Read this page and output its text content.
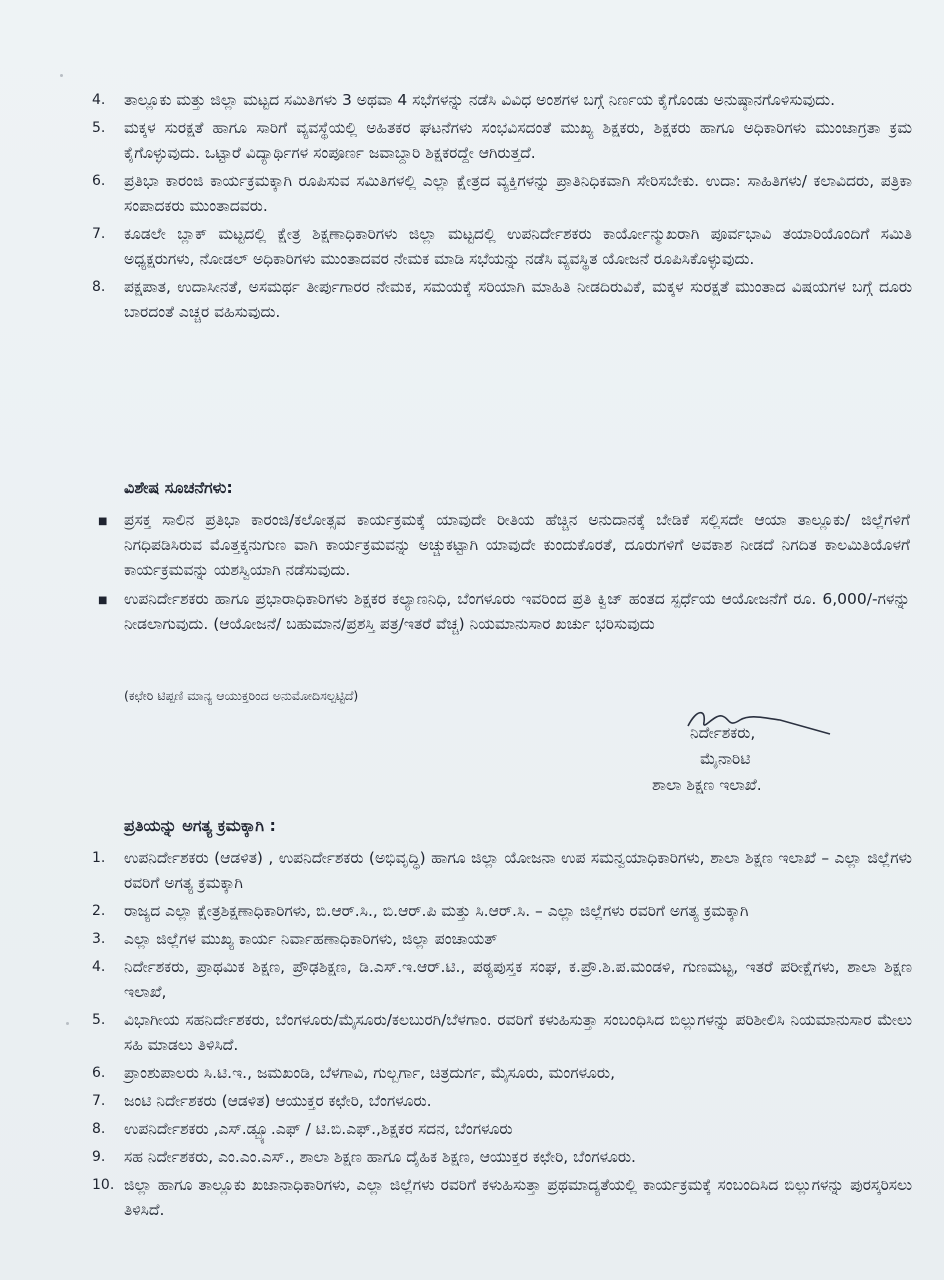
4.	ತಾಲ್ಲೂಕು ಮತ್ತು ಜಿಲ್ಲಾ ಮಟ್ಟದ ಸಮಿತಿಗಳು 3 ಅಥವಾ 4 ಸಭೆಗಳನ್ನು ನಡೆಸಿ ವಿವಿಧ ಅಂಶಗಳ ಬಗ್ಗೆ ನಿರ್ಣಯ ಕೈಗೊಂಡು ಅನುಷ್ಠಾನಗೊಳಿಸುವುದು.
5.	ಮಕ್ಕಳ ಸುರಕ್ಷತೆ ಹಾಗೂ ಸಾರಿಗೆ ವ್ಯವಸ್ಥೆಯಲ್ಲಿ ಅಹಿತಕರ ಘಟನೆಗಳು ಸಂಭವಿಸದಂತೆ ಮುಖ್ಯ ಶಿಕ್ಷಕರು, ಶಿಕ್ಷಕರು ಹಾಗೂ ಅಧಿಕಾರಿಗಳು ಮುಂಜಾಗ್ರತಾ ಕ್ರಮ ಕೈಗೊಳ್ಳುವುದು. ಒಟ್ಟಾರೆ ವಿದ್ಯಾರ್ಥಿಗಳ ಸಂಪೂರ್ಣ ಜವಾಬ್ದಾರಿ ಶಿಕ್ಷಕರದ್ದೇ ಆಗಿರುತ್ತದೆ.
6.	ಪ್ರತಿಭಾ ಕಾರಂಜಿ ಕಾರ್ಯಕ್ರಮಕ್ಕಾಗಿ ರೂಪಿಸುವ ಸಮಿತಿಗಳಲ್ಲಿ ಎಲ್ಲಾ ಕ್ಷೇತ್ರದ ವ್ಯಕ್ತಿಗಳನ್ನು ಪ್ರಾತಿನಿಧಿಕವಾಗಿ ಸೇರಿಸಬೇಕು. ಉದಾ: ಸಾಹಿತಿಗಳು/ ಕಲಾವಿದರು, ಪತ್ರಿಕಾ ಸಂಪಾದಕರು ಮುಂತಾದವರು.
7.	ಕೂಡಲೇ ಬ್ಲಾಕ್ ಮಟ್ಟದಲ್ಲಿ ಕ್ಷೇತ್ರ ಶಿಕ್ಷಣಾಧಿಕಾರಿಗಳು ಜಿಲ್ಲಾ ಮಟ್ಟದಲ್ಲಿ ಉಪನಿರ್ದೇಶಕರು ಕಾರ್ಯೋನ್ಮುಖರಾಗಿ ಪೂರ್ವಭಾವಿ ತಯಾರಿಯೊಂದಿಗೆ ಸಮಿತಿ ಅಧ್ಯಕ್ಷರುಗಳು, ನೋಡಲ್ ಅಧಿಕಾರಿಗಳು ಮುಂತಾದವರ ನೇಮಕ ಮಾಡಿ ಸಭೆಯನ್ನು ನಡೆಸಿ ವ್ಯವಸ್ಥಿತ ಯೋಜನೆ ರೂಪಿಸಿಕೊಳ್ಳುವುದು.
8.	ಪಕ್ಷಪಾತ, ಉದಾಸೀನತೆ, ಅಸಮರ್ಥ ತೀರ್ಪುಗಾರರ ನೇಮಕ, ಸಮಯಕ್ಕೆ ಸರಿಯಾಗಿ ಮಾಹಿತಿ ನೀಡದಿರುವಿಕೆ, ಮಕ್ಕಳ ಸುರಕ್ಷತೆ ಮುಂತಾದ ವಿಷಯಗಳ ಬಗ್ಗೆ ದೂರು ಬಾರದಂತೆ ಎಚ್ಚರ ವಹಿಸುವುದು.
ವಿಶೇಷ ಸೂಚನೆಗಳು:
■	ಪ್ರಸಕ್ತ ಸಾಲಿನ ಪ್ರತಿಭಾ ಕಾರಂಜಿ/ಕಲೋತ್ಸವ ಕಾರ್ಯಕ್ರಮಕ್ಕೆ ಯಾವುದೇ ರೀತಿಯ ಹೆಚ್ಚಿನ ಅನುದಾನಕ್ಕೆ ಬೇಡಿಕೆ ಸಲ್ಲಿಸದೇ ಆಯಾ ತಾಲ್ಲೂಕು/ ಜಿಲ್ಲೆಗಳಿಗೆ ನಿಗಧಿಪಡಿಸಿರುವ ಮೊತ್ತಕ್ಕನುಗುಣ ವಾಗಿ ಕಾರ್ಯಕ್ರಮವನ್ನು ಅಚ್ಚುಕಟ್ಟಾಗಿ ಯಾವುದೇ ಕುಂದುಕೊರತೆ, ದೂರುಗಳಿಗೆ ಅವಕಾಶ ನೀಡದೆ ನಿಗದಿತ ಕಾಲಮಿತಿಯೊಳಗೆ ಕಾರ್ಯಕ್ರಮವನ್ನು ಯಶಸ್ವಿಯಾಗಿ ನಡೆಸುವುದು.
■	ಉಪನಿರ್ದೇಶಕರು ಹಾಗೂ ಪ್ರಭಾರಾಧಿಕಾರಿಗಳು ಶಿಕ್ಷಕರ ಕಲ್ಯಾಣನಿಧಿ, ಬೆಂಗಳೂರು ಇವರಿಂದ ಪ್ರತಿ ಕ್ವಿಜ್ ಹಂತದ ಸ್ಪರ್ಧೆಯ ಆಯೋಜನೆಗೆ ರೂ. 6,000/-ಗಳನ್ನು ನೀಡಲಾಗುವುದು. (ಆಯೋಜನೆ/ ಬಹುಮಾನ/ಪ್ರಶಸ್ತಿ ಪತ್ರ/ಇತರೆ ವೆಚ್ಚ) ನಿಯಮಾನುಸಾರ ಖರ್ಚು ಭರಿಸುವುದು
(ಕಛೇರಿ ಟಿಪ್ಪಣಿ ಮಾನ್ಯ ಆಯುಕ್ತರಿಂದ ಅನುಮೋದಿಸಲ್ಪಟ್ಟಿದೆ)
ನಿರ್ದೇಶಕರು,
ಮೈನಾರಿಟಿ
ಶಾಲಾ ಶಿಕ್ಷಣ ಇಲಾಖೆ.
ಪ್ರತಿಯನ್ನು ಅಗತ್ಯ ಕ್ರಮಕ್ಕಾಗಿ :
1.	ಉಪನಿರ್ದೇಶಕರು (ಆಡಳಿತ) , ಉಪನಿರ್ದೇಶಕರು (ಅಭಿವೃದ್ಧಿ) ಹಾಗೂ ಜಿಲ್ಲಾ ಯೋಜನಾ ಉಪ ಸಮನ್ವಯಾಧಿಕಾರಿಗಳು, ಶಾಲಾ ಶಿಕ್ಷಣ ಇಲಾಖೆ – ಎಲ್ಲಾ ಜಿಲ್ಲೆಗಳು ರವರಿಗೆ ಅಗತ್ಯ ಕ್ರಮಕ್ಕಾಗಿ
2.	ರಾಜ್ಯದ ಎಲ್ಲಾ ಕ್ಷೇತ್ರಶಿಕ್ಷಣಾಧಿಕಾರಿಗಳು, ಬಿ.ಆರ್.ಸಿ., ಬಿ.ಆರ್.ಪಿ ಮತ್ತು ಸಿ.ಆರ್.ಸಿ. – ಎಲ್ಲಾ ಜಿಲ್ಲೆಗಳು ರವರಿಗೆ ಅಗತ್ಯ ಕ್ರಮಕ್ಕಾಗಿ
3.	ಎಲ್ಲಾ ಜಿಲ್ಲೆಗಳ ಮುಖ್ಯ ಕಾರ್ಯ ನಿರ್ವಾಹಣಾಧಿಕಾರಿಗಳು, ಜಿಲ್ಲಾ ಪಂಚಾಯತ್
4.	ನಿರ್ದೇಶಕರು, ಪ್ರಾಥಮಿಕ ಶಿಕ್ಷಣ, ಪ್ರೌಢಶಿಕ್ಷಣ, ಡಿ.ಎಸ್.ಇ.ಆರ್.ಟಿ., ಪಠ್ಯಪುಸ್ತಕ ಸಂಘ, ಕ.ಪ್ರೌ.ಶಿ.ಪ.ಮಂಡಳಿ, ಗುಣಮಟ್ಟ, ಇತರೆ ಪರೀಕ್ಷೆಗಳು, ಶಾಲಾ ಶಿಕ್ಷಣ ಇಲಾಖೆ,
5.	ವಿಭಾಗೀಯ ಸಹನಿರ್ದೇಶಕರು, ಬೆಂಗಳೂರು/ಮೈಸೂರು/ಕಲಬುರಗಿ/ಬೆಳಗಾಂ. ರವರಿಗೆ ಕಳುಹಿಸುತ್ತಾ ಸಂಬಂಧಿಸಿದ ಬಿಲ್ಲುಗಳನ್ನು ಪರಿಶೀಲಿಸಿ ನಿಯಮಾನುಸಾರ ಮೇಲು ಸಹಿ ಮಾಡಲು ತಿಳಿಸಿದೆ.
6.	ಪ್ರಾಂಶುಪಾಲರು ಸಿ.ಟಿ.ಇ., ಜಮಖಂಡಿ, ಬೆಳಗಾವಿ, ಗುಲ್ಬರ್ಗಾ, ಚಿತ್ರದುರ್ಗ, ಮೈಸೂರು, ಮಂಗಳೂರು,
7.	ಜಂಟಿ ನಿರ್ದೇಶಕರು (ಆಡಳಿತ) ಆಯುಕ್ತರ ಕಛೇರಿ, ಬೆಂಗಳೂರು.
8.	ಉಪನಿರ್ದೇಶಕರು ,ಎಸ್.ಡ್ಬ್ಯೂ.ಎಫ್ / ಟಿ.ಬಿ.ಎಫ್.,ಶಿಕ್ಷಕರ ಸದನ, ಬೆಂಗಳೂರು
9.	ಸಹ ನಿರ್ದೇಶಕರು, ಎಂ.ಎಂ.ಎಸ್., ಶಾಲಾ ಶಿಕ್ಷಣ ಹಾಗೂ ದೈಹಿಕ ಶಿಕ್ಷಣ, ಆಯುಕ್ತರ ಕಛೇರಿ, ಬೆಂಗಳೂರು.
10. ಜಿಲ್ಲಾ ಹಾಗೂ ತಾಲ್ಲೂಕು ಖಜಾನಾಧಿಕಾರಿಗಳು, ಎಲ್ಲಾ ಜಿಲ್ಲೆಗಳು ರವರಿಗೆ ಕಳುಹಿಸುತ್ತಾ ಪ್ರಥಮಾದ್ಯತೆಯಲ್ಲಿ ಕಾರ್ಯಕ್ರಮಕ್ಕೆ ಸಂಬಂದಿಸಿದ ಬಿಲ್ಲುಗಳನ್ನು ಪುರಸ್ಕರಿಸಲು ತಿಳಿಸಿದೆ.
